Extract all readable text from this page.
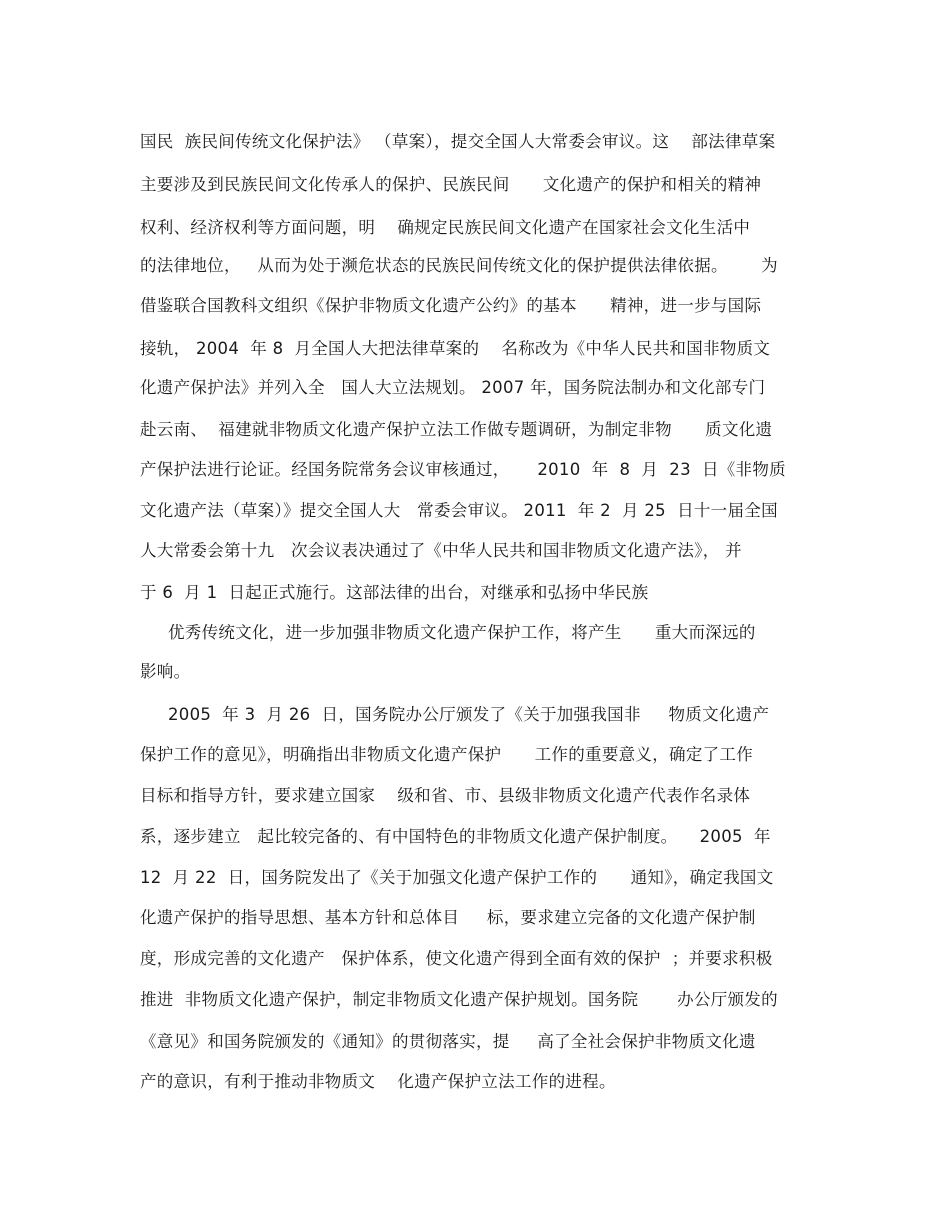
国民  族民间传统文化保护法》 （草案），提交全国人大常委会审议。这    部法律草案

主要涉及到民族民间文化传承人的保护、民族民间      文化遗产的保护和相关的精神

权利、经济权利等方面问题，明    确规定民族民间文化遗产在国家社会文化生活中

的法律地位，   从而为处于濒危状态的民族民间传统文化的保护提供法律依据。      为

借鉴联合国教科文组织《保护非物质文化遗产公约》的基本      精神，进一步与国际

接轨， 2004  年 8  月全国人大把法律草案的    名称改为《中华人民共和国非物质文

化遗产保护法》并列入全   国人大立法规划。 2007 年，国务院法制办和文化部专门

赴云南、  福建就非物质文化遗产保护立法工作做专题调研，为制定非物      质文化遗

产保护法进行论证。经国务院常务会议审核通过，     2010  年  8  月  23  日《非物质

文化遗产法（草案）》提交全国人大   常委会审议。 2011  年 2  月 25  日十一届全国

人大常委会第十九   次会议表决通过了《中华人民共和国非物质文化遗产法》， 并

于 6  月 1  日起正式施行。这部法律的出台，对继承和弘扬中华民族

优秀传统文化，进一步加强非物质文化遗产保护工作，将产生      重大而深远的

影响。

2005  年 3  月 26  日，国务院办公厅颁发了《关于加强我国非     物质文化遗产

保护工作的意见》，明确指出非物质文化遗产保护      工作的重要意义，确定了工作

目标和指导方针，要求建立国家    级和省、市、县级非物质文化遗产代表作名录体

系，逐步建立   起比较完备的、有中国特色的非物质文化遗产保护制度。    2005  年

12  月 22  日，国务院发出了《关于加强文化遗产保护工作的      通知》，确定我国文

化遗产保护的指导思想、基本方针和总体目     标，要求建立完备的文化遗产保护制

度，形成完善的文化遗产   保护体系，使文化遗产得到全面有效的保护  ；并要求积极

推进  非物质文化遗产保护，制定非物质文化遗产保护规划。国务院       办公厅颁发的

《意见》和国务院颁发的《通知》的贯彻落实，提     高了全社会保护非物质文化遗

产的意识，有利于推动非物质文    化遗产保护立法工作的进程。
